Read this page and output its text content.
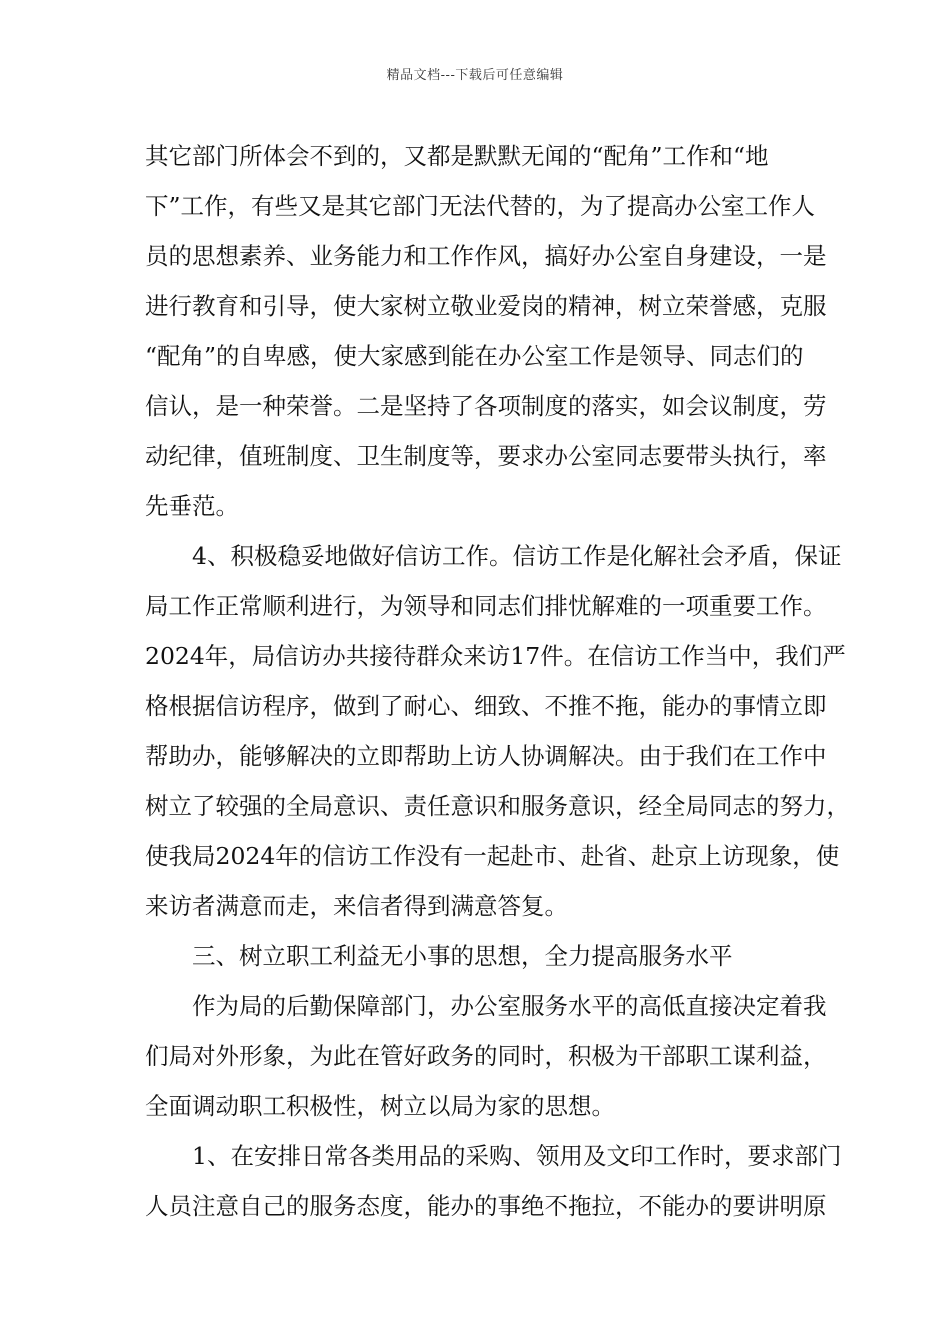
精品文档---下载后可任意编辑
其它部门所体会不到的，又都是默默无闻的“配角”工作和“地
下”工作，有些又是其它部门无法代替的，为了提高办公室工作人
员的思想素养、业务能力和工作作风，搞好办公室自身建设，一是
进行教育和引导，使大家树立敬业爱岗的精神，树立荣誉感，克服
“配角”的自卑感，使大家感到能在办公室工作是领导、同志们的
信认，是一种荣誉。二是坚持了各项制度的落实，如会议制度，劳
动纪律，值班制度、卫生制度等，要求办公室同志要带头执行，率
先垂范。
4、积极稳妥地做好信访工作。信访工作是化解社会矛盾，保证
局工作正常顺利进行，为领导和同志们排忧解难的一项重要工作。
2024年，局信访办共接待群众来访17件。在信访工作当中，我们严
格根据信访程序，做到了耐心、细致、不推不拖，能办的事情立即
帮助办，能够解决的立即帮助上访人协调解决。由于我们在工作中
树立了较强的全局意识、责任意识和服务意识，经全局同志的努力，
使我局2024年的信访工作没有一起赴市、赴省、赴京上访现象，使
来访者满意而走，来信者得到满意答复。
三、树立职工利益无小事的思想，全力提高服务水平
作为局的后勤保障部门，办公室服务水平的高低直接决定着我
们局对外形象，为此在管好政务的同时，积极为干部职工谋利益，
全面调动职工积极性，树立以局为家的思想。
1、在安排日常各类用品的采购、领用及文印工作时，要求部门
人员注意自己的服务态度，能办的事绝不拖拉，不能办的要讲明原
